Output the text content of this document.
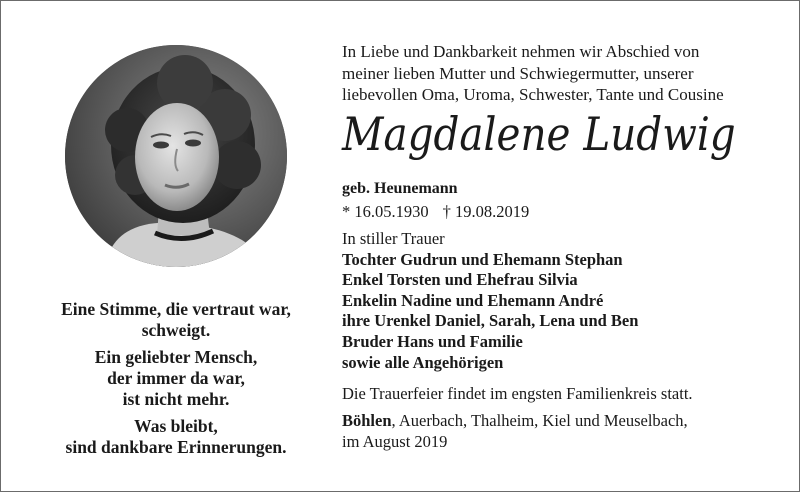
Eine Stimme, die vertraut war,
schweigt.
Ein geliebter Mensch,
der immer da war,
ist nicht mehr.
Was bleibt,
sind dankbare Erinnerungen.
In Liebe und Dankbarkeit nehmen wir Abschied von
meiner lieben Mutter und Schwiegermutter, unserer
liebevollen Oma, Uroma, Schwester, Tante und Cousine
Magdalene Ludwig
geb. Heunemann
* 16.05.1930 † 19.08.2019
In stiller Trauer
Tochter Gudrun und Ehemann Stephan
Enkel Torsten und Ehefrau Silvia
Enkelin Nadine und Ehemann André
ihre Urenkel Daniel, Sarah, Lena und Ben
Bruder Hans und Familie
sowie alle Angehörigen
Die Trauerfeier findet im engsten Familienkreis statt.
Böhlen, Auerbach, Thalheim, Kiel und Meuselbach,
im August 2019
